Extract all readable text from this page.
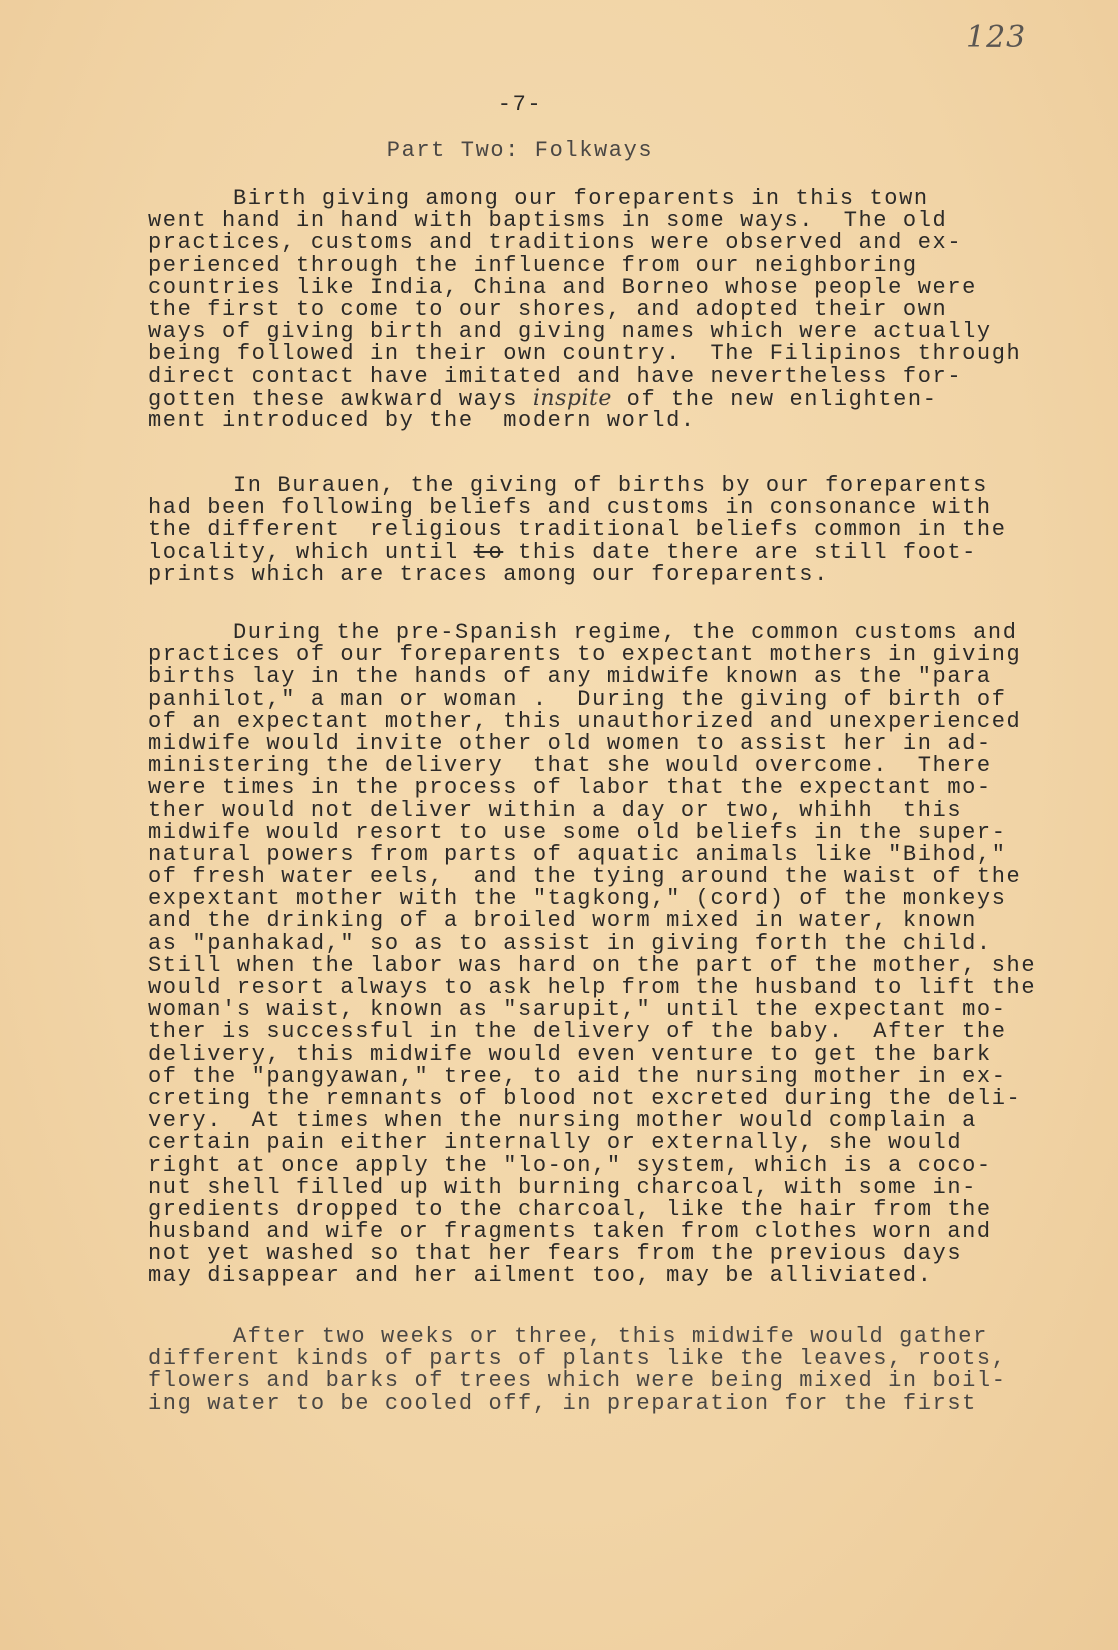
123
-7-
Part Two: Folkways
Birth giving among our foreparents in this town
went hand in hand with baptisms in some ways.  The old
practices, customs and traditions were observed and ex-
perienced through the influence from our neighboring
countries like India, China and Borneo whose people were
the first to come to our shores, and adopted their own
ways of giving birth and giving names which were actually
being followed in their own country.  The Filipinos through
direct contact have imitated and have nevertheless for-
gotten these awkward ways inspite of the new enlighten-
ment introduced by the  modern world.
In Burauen, the giving of births by our foreparents
had been following beliefs and customs in consonance with
the different  religious traditional beliefs common in the
locality, which until to this date there are still foot-
prints which are traces among our foreparents.
During the pre-Spanish regime, the common customs and
practices of our foreparents to expectant mothers in giving
births lay in the hands of any midwife known as the "para
panhilot," a man or woman .  During the giving of birth of
of an expectant mother, this unauthorized and unexperienced
midwife would invite other old women to assist her in ad-
ministering the delivery  that she would overcome.  There
were times in the process of labor that the expectant mo-
ther would not deliver within a day or two, whihh  this
midwife would resort to use some old beliefs in the super-
natural powers from parts of aquatic animals like "Bihod,"
of fresh water eels,  and the tying around the waist of the
expextant mother with the "tagkong," (cord) of the monkeys
and the drinking of a broiled worm mixed in water, known
as "panhakad," so as to assist in giving forth the child.
Still when the labor was hard on the part of the mother, she
would resort always to ask help from the husband to lift the
woman's waist, known as "sarupit," until the expectant mo-
ther is successful in the delivery of the baby.  After the
delivery, this midwife would even venture to get the bark
of the "pangyawan," tree, to aid the nursing mother in ex-
creting the remnants of blood not excreted during the deli-
very.  At times when the nursing mother would complain a
certain pain either internally or externally, she would
right at once apply the "lo-on," system, which is a coco-
nut shell filled up with burning charcoal, with some in-
gredients dropped to the charcoal, like the hair from the
husband and wife or fragments taken from clothes worn and
not yet washed so that her fears from the previous days
may disappear and her ailment too, may be alliviated.
After two weeks or three, this midwife would gather
different kinds of parts of plants like the leaves, roots,
flowers and barks of trees which were being mixed in boil-
ing water to be cooled off, in preparation for the first
